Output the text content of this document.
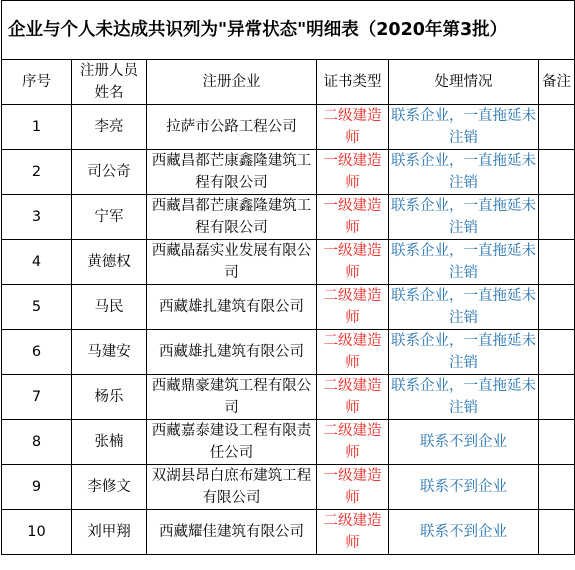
企业与个人未达成共识列为"异常状态"明细表（2020年第3批）					
序号	注册人员姓名	注册企业	证书类型	处理情况	备注
1	李亮	拉萨市公路工程公司	二级建造师	联系企业，一直拖延未注销	
2	司公奇	西藏昌都芒康鑫隆建筑工程有限公司	一级建造师	联系企业，一直拖延未注销	
3	宁军	西藏昌都芒康鑫隆建筑工程有限公司	一级建造师	联系企业，一直拖延未注销	
4	黄德权	西藏晶磊实业发展有限公司	一级建造师	联系企业，一直拖延未注销	
5	马民	西藏雄扎建筑有限公司	二级建造师	联系企业，一直拖延未注销	
6	马建安	西藏雄扎建筑有限公司	二级建造师	联系企业，一直拖延未注销	
7	杨乐	西藏鼎豪建筑工程有限公司	二级建造师	联系企业，一直拖延未注销	
8	张楠	西藏嘉泰建设工程有限责任公司	二级建造师	联系不到企业	
9	李修文	双湖县昂白庶布建筑工程有限公司	一级建造师	联系不到企业	
10	刘甲翔	西藏耀佳建筑有限公司	二级建造师	联系不到企业	
